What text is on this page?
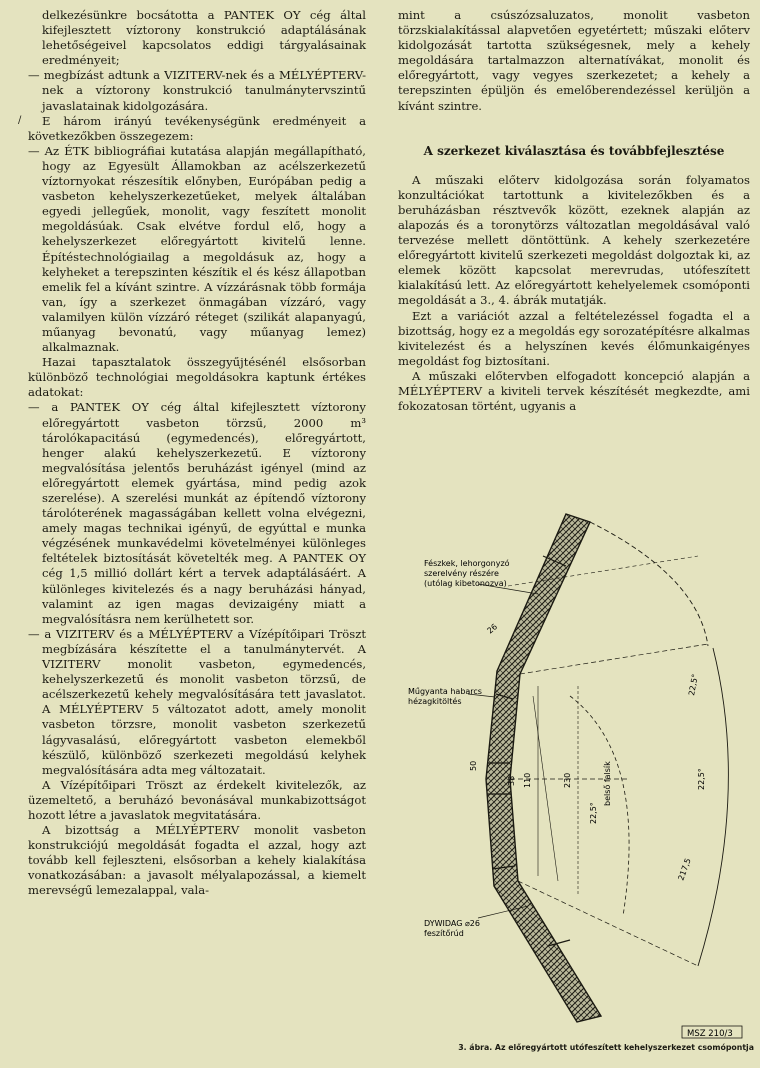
delkezésünkre bocsátotta a PANTEK OY cég által kifejlesztett víztorony konstrukció adaptálásának lehetőségeivel kapcsolatos eddigi tárgyalásainak eredményeit;

— megbízást adtunk a VIZITERV-nek és a MÉLYÉPTERV-nek a víztorony konstrukció tanulmánytervszintű javaslatainak kidolgozására.

E három irányú tevékenységünk eredményeit a következőkben összegezem:

— Az ÉTK bibliográfiai kutatása alapján megállapítható, hogy az Egyesült Államokban az acélszerkezetű víztornyokat részesítik előnyben, Európában pedig a vasbeton kehelyszerkezetűeket, melyek általában egyedi jellegűek, monolit, vagy feszített monolit megoldásúak. Csak elvétve fordul elő, hogy a kehelyszerkezet előregyártott kivitelű lenne. Építéstechnológiailag a megoldásuk az, hogy a kelyheket a terepszinten készítik el és kész állapotban emelik fel a kívánt szintre. A vízzárásnak több formája van, így a szerkezet önmagában vízzáró, vagy valamilyen külön vízzáró réteget (szilikát alapanyagú, műanyag bevonatú, vagy műanyag lemez) alkalmaznak.

Hazai tapasztalatok összegyűjtésénél elsősorban különböző technológiai megoldásokra kaptunk értékes adatokat:

— a PANTEK OY cég által kifejlesztett víztorony előregyártott vasbeton törzsű, 2000 m³ tárolókapacitású (egymedencés), előregyártott, henger alakú kehelyszerkezetű. E víztorony megvalósítása jelentős beruházást igényel (mind az előregyártott elemek gyártása, mind pedig azok szerelése). A szerelési munkát az építendő víztorony tárolóterének magasságában kellett volna elvégezni, amely magas technikai igényű, de egyúttal e munka végzésének munkavédelmi követelményei különleges feltételek biztosítását követelték meg. A PANTEK OY cég 1,5 millió dollárt kért a tervek adaptálásáért. A különleges kivitelezés és a nagy beruházási hányad, valamint az igen magas devizaigény miatt a megvalósításra nem kerülhetett sor.

— a VIZITERV és a MÉLYÉPTERV a Vízépítőipari Tröszt megbízására készítette el a tanulmánytervét. A VIZITERV monolit vasbeton, egymedencés, kehelyszerkezetű és monolit vasbeton törzsű, de acélszerkezetű kehely megvalósítására tett javaslatot. A MÉLYÉPTERV 5 változatot adott, amely monolit vasbeton törzsre, monolit vasbeton szerkezetű lágyvasalású, előregyártott vasbeton elemekből készülő, különböző szerkezeti megoldású kelyhek megvalósítására adta meg változatait.

A Vízépítőipari Tröszt az érdekelt kivitelezők, az üzemeltető, a beruházó bevonásával munkabizottságot hozott létre a javaslatok megvitatására.

A bizottság a MÉLYÉPTERV monolit vasbeton konstrukciójú megoldását fogadta el azzal, hogy azt tovább kell fejleszteni, elsősorban a kehely kialakítása vonatkozásában: a javasolt mélyalapozással, a kiemelt merevségű lemezalappal, vala-

mint a csúszózsaluzatos, monolit vasbeton törzskialakítással alapvetően egyetértett; műszaki előterv kidolgozását tartotta szükségesnek, mely a kehely megoldására tartalmazzon alternatívákat, monolit és előregyártott, vagy vegyes szerkezetet; a kehely a terepszinten épüljön és emelőberendezéssel kerüljön a kívánt szintre.

A szerkezet kiválasztása és továbbfejlesztése

A műszaki előterv kidolgozása során folyamatos konzultációkat tartottunk a kivitelezőkben és a beruházásban résztvevők között, ezeknek alapján az alapozás és a toronytörzs változatlan megoldásával való tervezése mellett döntöttünk. A kehely szerkezetére előregyártott kivitelű szerkezeti megoldást dolgoztak ki, az elemek között kapcsolat merevrudas, utófeszített kialakítású lett. Az előregyártott kehelyelemek csomóponti megoldását a 3., 4. ábrák mutatják.

Ezt a variációt azzal a feltételezéssel fogadta el a bizottság, hogy ez a megoldás egy sorozatépítésre alkalmas kivitelezést és a helyszínen kevés élőmunkaigényes megoldást fog biztosítani.

A műszaki előtervben elfogadott koncepció alapján a MÉLYÉPTERV a kiviteli tervek készítését megkezdte, ami fokozatosan történt, ugyanis a

/
Fészkek, lehorgonyzó
szerelvény részére
(utólag kibetonozva)
Műgyanta habarcs
hézagkitöltés
DYWIDAG ⌀26
feszítőrúd
26
50
38 110	230
22,5°
22,5°
22,5°
belső falsík
217,5
MSZ 210/3
3. ábra. Az előregyártott utófeszített kehelyszerkezet csomópontja
